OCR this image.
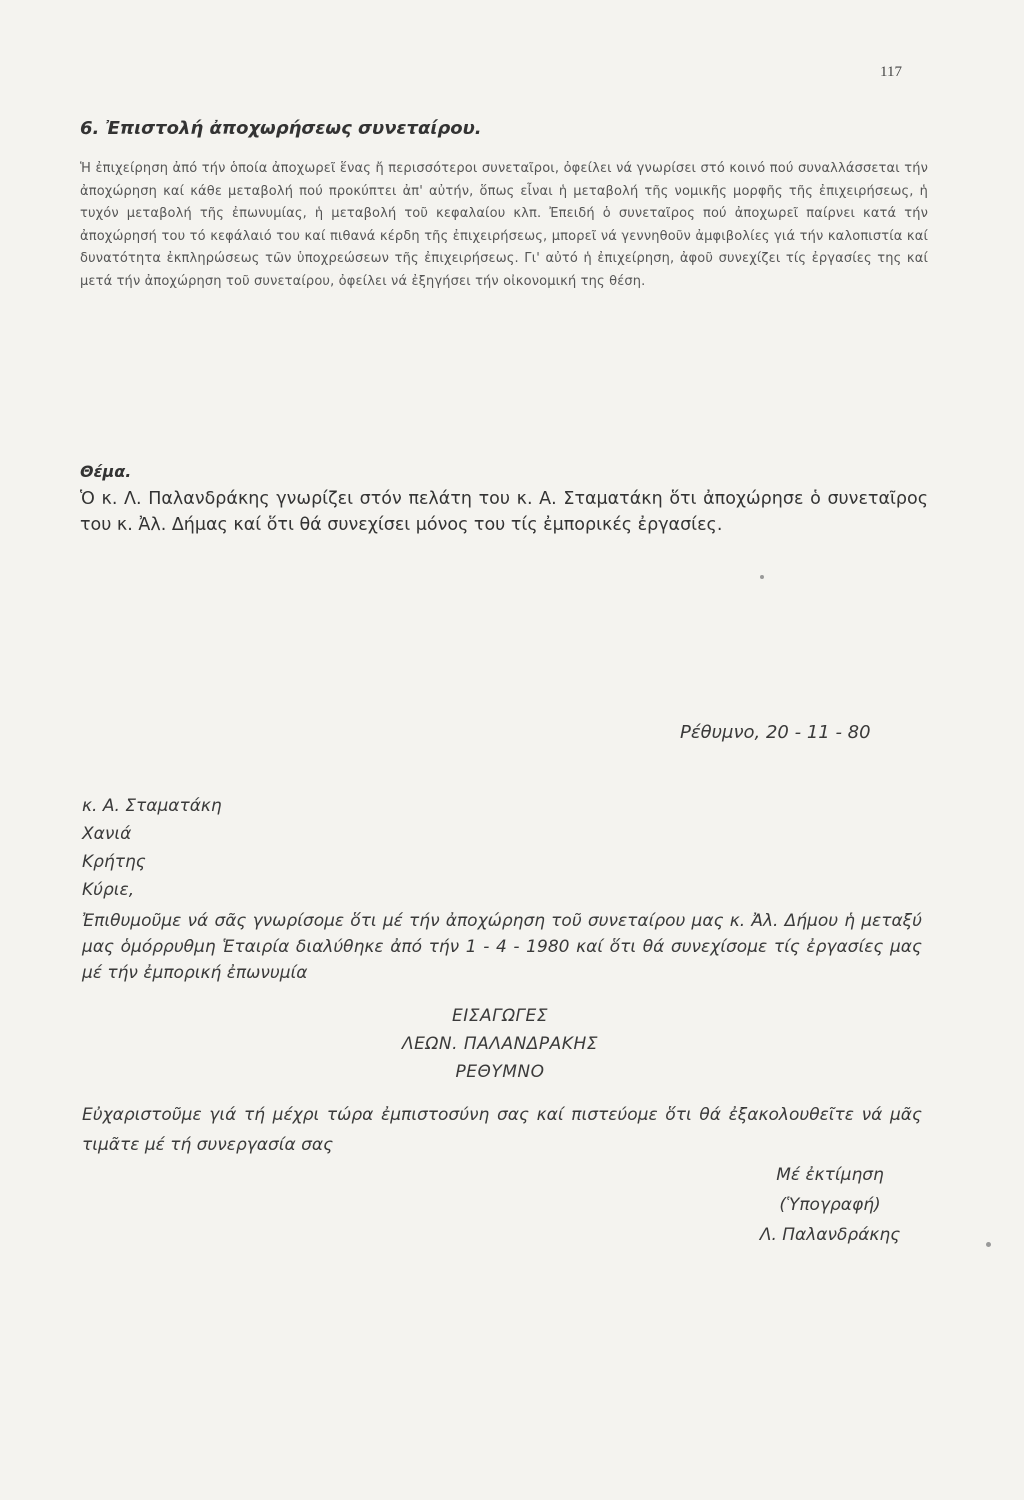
117
6. Ἐπιστολή ἀποχωρήσεως συνεταίρου.
Ἡ ἐπιχείρηση ἀπό τήν ὁποία ἀποχωρεῖ ἕνας ἤ περισσότεροι συνεταῖροι, ὀφείλει νά γνωρίσει στό κοινό πού συναλλάσσεται τήν ἀποχώρηση καί κάθε μεταβολή πού προκύπτει ἀπ' αὐτήν, ὅπως εἶναι ἡ μεταβολή τῆς νομικῆς μορφῆς τῆς ἐπιχειρήσεως, ἡ τυχόν μεταβολή τῆς ἐπωνυμίας, ἡ μεταβολή τοῦ κεφαλαίου κλπ. Ἐπειδή ὁ συνεταῖρος πού ἀποχωρεῖ παίρνει κατά τήν ἀποχώρησή του τό κεφάλαιό του καί πιθανά κέρδη τῆς ἐπιχειρήσεως, μπορεῖ νά γεννηθοῦν ἀμφιβολίες γιά τήν καλοπιστία καί δυνατότητα ἐκπληρώσεως τῶν ὑποχρεώσεων τῆς ἐπιχειρήσεως. Γι' αὐτό ἡ ἐπιχείρηση, ἀφοῦ συνεχίζει τίς ἐργασίες της καί μετά τήν ἀποχώρηση τοῦ συνεταίρου, ὀφείλει νά ἐξηγήσει τήν οἰκονομική της θέση.
Θέμα.
Ὁ κ. Λ. Παλανδράκης γνωρίζει στόν πελάτη του κ. Α. Σταματάκη ὅτι ἀποχώρησε ὁ συνεταῖρος του κ. Ἀλ. Δήμας καί ὅτι θά συνεχίσει μόνος του τίς ἐμπορικές ἐργασίες.
Ρέθυμνο, 20 - 11 - 80
κ. Α. Σταματάκη
Χανιά
Κρήτης
Κύριε,
Ἐπιθυμοῦμε νά σᾶς γνωρίσομε ὅτι μέ τήν ἀποχώρηση τοῦ συνεταίρου μας κ. Ἀλ. Δήμου ἡ μεταξύ μας ὁμόρρυθμη Ἑταιρία διαλύθηκε ἀπό τήν 1 - 4 - 1980 καί ὅτι θά συνεχίσομε τίς ἐργασίες μας μέ τήν ἐμπορική ἐπωνυμία
ΕΙΣΑΓΩΓΕΣ
ΛΕΩΝ. ΠΑΛΑΝΔΡΑΚΗΣ
ΡΕΘΥΜΝΟ
Εὐχαριστοῦμε γιά τή μέχρι τώρα ἐμπιστοσύνη σας καί πιστεύομε ὅτι θά ἐξακολουθεῖτε νά μᾶς τιμᾶτε μέ τή συνεργασία σας
Μέ ἐκτίμηση
(Ὑπογραφή)
Λ. Παλανδράκης
